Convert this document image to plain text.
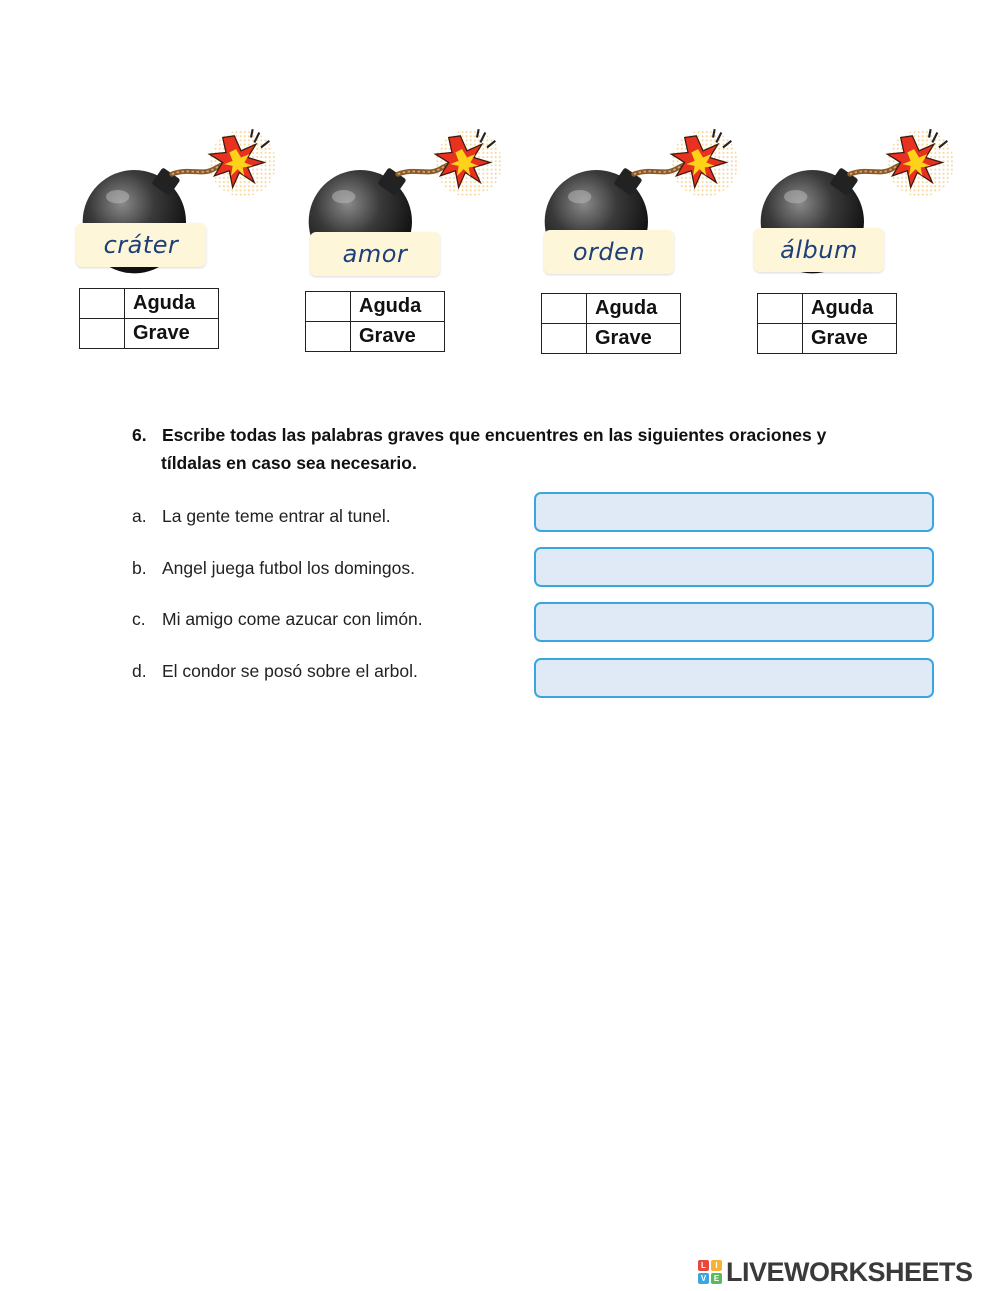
cráter
	Aguda
	Grave
amor
	Aguda
	Grave
orden
	Aguda
	Grave
álbum
	Aguda
	Grave
6. Escribe todas las palabras graves que encuentres en las siguientes oraciones y
tíldalas en caso sea necesario.
a. La gente teme entrar al tunel.
b. Angel juega futbol los domingos.
c. Mi amigo come azucar con limón.
d. El condor se posó sobre el arbol.
L	I
V E LIVEWORKSHEETS
